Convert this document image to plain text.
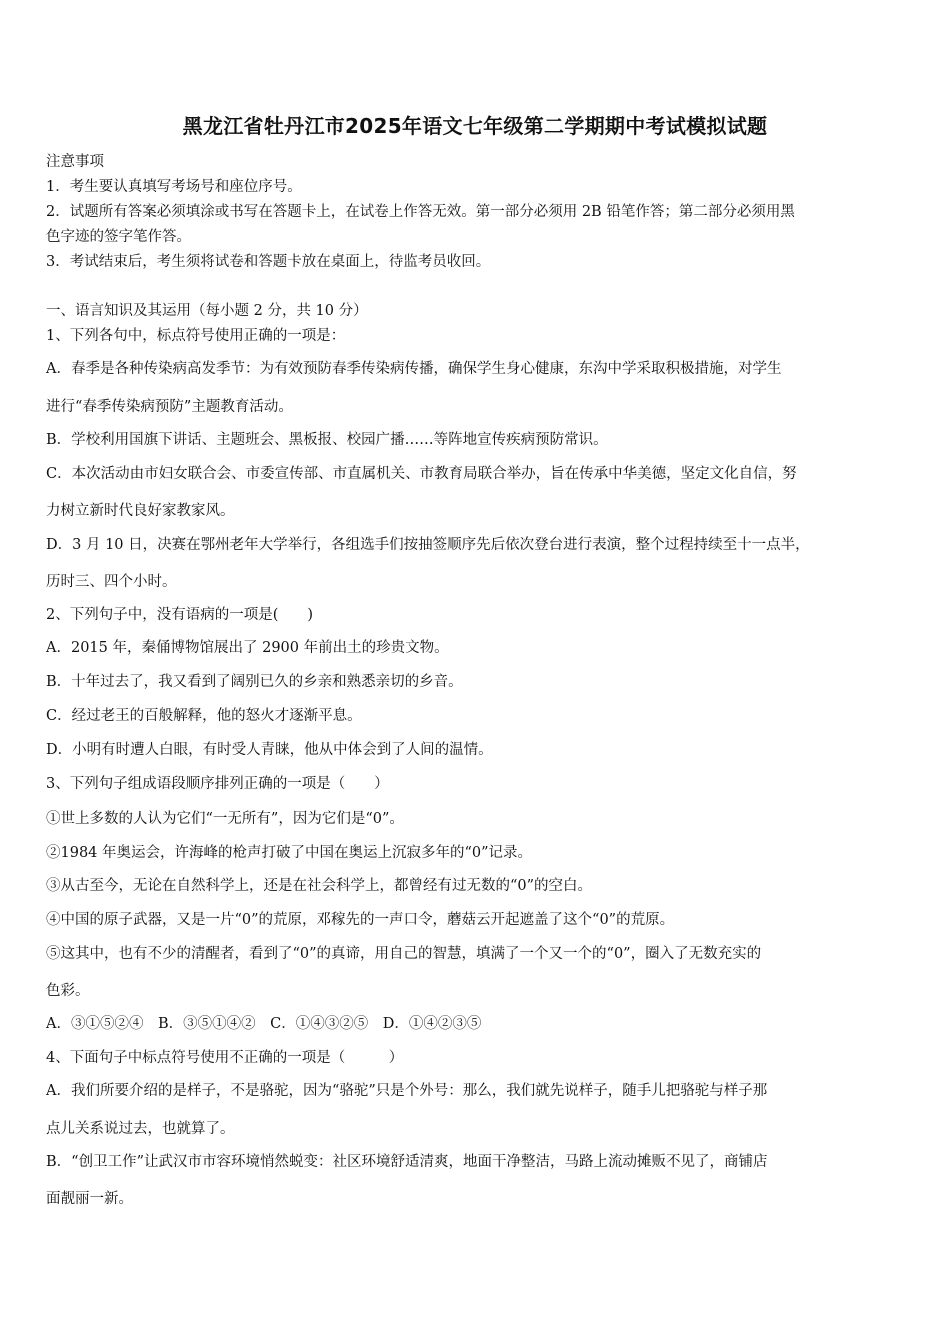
黑龙江省牡丹江市2025年语文七年级第二学期期中考试模拟试题
注意事项
1．考生要认真填写考场号和座位序号。
2．试题所有答案必须填涂或书写在答题卡上，在试卷上作答无效。第一部分必须用 2B 铅笔作答；第二部分必须用黑
色字迹的签字笔作答。
3．考试结束后，考生须将试卷和答题卡放在桌面上，待监考员收回。
一、语言知识及其运用（每小题 2 分，共 10 分）
1、下列各句中，标点符号使用正确的一项是：
A．春季是各种传染病高发季节：为有效预防春季传染病传播，确保学生身心健康，东沟中学采取积极措施，对学生
进行“春季传染病预防”主题教育活动。
B．学校利用国旗下讲话、主题班会、黑板报、校园广播……等阵地宣传疾病预防常识。
C．本次活动由市妇女联合会、市委宣传部、市直属机关、市教育局联合举办，旨在传承中华美德，坚定文化自信，努
力树立新时代良好家教家风。
D．3 月 10 日，决赛在鄂州老年大学举行，各组选手们按抽签顺序先后依次登台进行表演，整个过程持续至十一点半，
历时三、四个小时。
2、下列句子中，没有语病的一项是(　　)
A．2015 年，秦俑博物馆展出了 2900 年前出土的珍贵文物。
B．十年过去了，我又看到了阔别已久的乡亲和熟悉亲切的乡音。
C．经过老王的百般解释，他的怒火才逐渐平息。
D．小明有时遭人白眼，有时受人青睐，他从中体会到了人间的温情。
3、下列句子组成语段顺序排列正确的一项是（　　）
①世上多数的人认为它们“一无所有”，因为它们是“0”。
②1984 年奥运会，许海峰的枪声打破了中国在奥运上沉寂多年的“0”记录。
③从古至今，无论在自然科学上，还是在社会科学上，都曾经有过无数的“0”的空白。
④中国的原子武器，又是一片“0”的荒原，邓稼先的一声口令，蘑菇云开起遮盖了这个“0”的荒原。
⑤这其中，也有不少的清醒者，看到了“0”的真谛，用自己的智慧，填满了一个又一个的“0”，圈入了无数充实的
色彩。
A．③①⑤②④　B．③⑤①④②　C．①④③②⑤　D．①④②③⑤
4、下面句子中标点符号使用不正确的一项是（　　　）
A．我们所要介绍的是样子，不是骆驼，因为“骆驼”只是个外号：那么，我们就先说样子，随手儿把骆驼与样子那
点儿关系说过去，也就算了。
B．“创卫工作”让武汉市市容环境悄然蜕变：社区环境舒适清爽，地面干净整洁，马路上流动摊贩不见了，商铺店
面靓丽一新。
